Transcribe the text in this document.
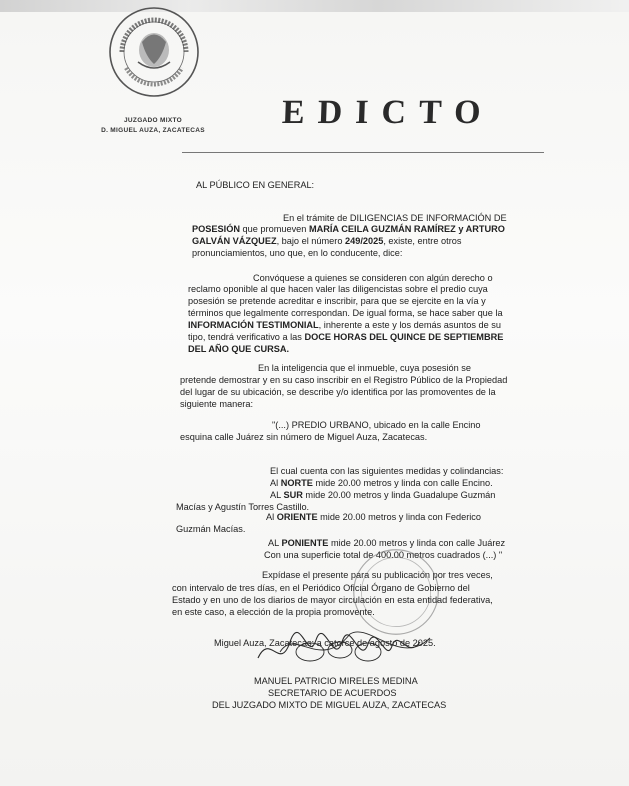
JUZGADO MIXTO
D. MIGUEL AUZA, ZACATECAS	EDICTO
AL PÚBLICO EN GENERAL:
En el trámite de DILIGENCIAS DE INFORMACIÓN DE
POSESIÓN que promueven MARÍA CEILA GUZMÁN RAMÍREZ y ARTURO
GALVÁN VÁZQUEZ, bajo el número 249/2025, existe, entre otros
pronunciamientos, uno que, en lo conducente, dice:
Convóquese a quienes se consideren con algún derecho o
reclamo oponible al que hacen valer las diligencistas sobre el predio cuya
posesión se pretende acreditar e inscribir, para que se ejercite en la vía y
términos que legalmente correspondan. De igual forma, se hace saber que la
INFORMACIÓN TESTIMONIAL, inherente a este y los demás asuntos de su
tipo, tendrá verificativo a las DOCE HORAS DEL QUINCE DE SEPTIEMBRE
DEL AÑO QUE CURSA.
En la inteligencia que el inmueble, cuya posesión se
pretende demostrar y en su caso inscribir en el Registro Público de la Propiedad
del lugar de su ubicación, se describe y/o identifica por las promoventes de la
siguiente manera:
"(...) PREDIO URBANO, ubicado en la calle Encino
esquina calle Juárez sin número de Miguel Auza, Zacatecas.
El cual cuenta con las siguientes medidas y colindancias:
Al NORTE mide 20.00 metros y linda con calle Encino.
AL SUR mide 20.00 metros y linda Guadalupe Guzmán
Macías y Agustín Torres Castillo.
Al ORIENTE mide 20.00 metros y linda con Federico
Guzmán Macías.
AL PONIENTE mide 20.00 metros y linda con calle Juárez
Con una superficie total de 400.00 metros cuadrados (...) "
Expídase el presente para su publicación por tres veces,
con intervalo de tres días, en el Periódico Oficial Órgano de Gobierno del
Estado y en uno de los diarios de mayor circulación en esta entidad federativa,
en este caso, a elección de la propia promovente.
Miguel Auza, Zacatecas; a catorce de agosto de 2025.
MANUEL PATRICIO MIRELES MEDINA
SECRETARIO DE ACUERDOS
DEL JUZGADO MIXTO DE MIGUEL AUZA, ZACATECAS
